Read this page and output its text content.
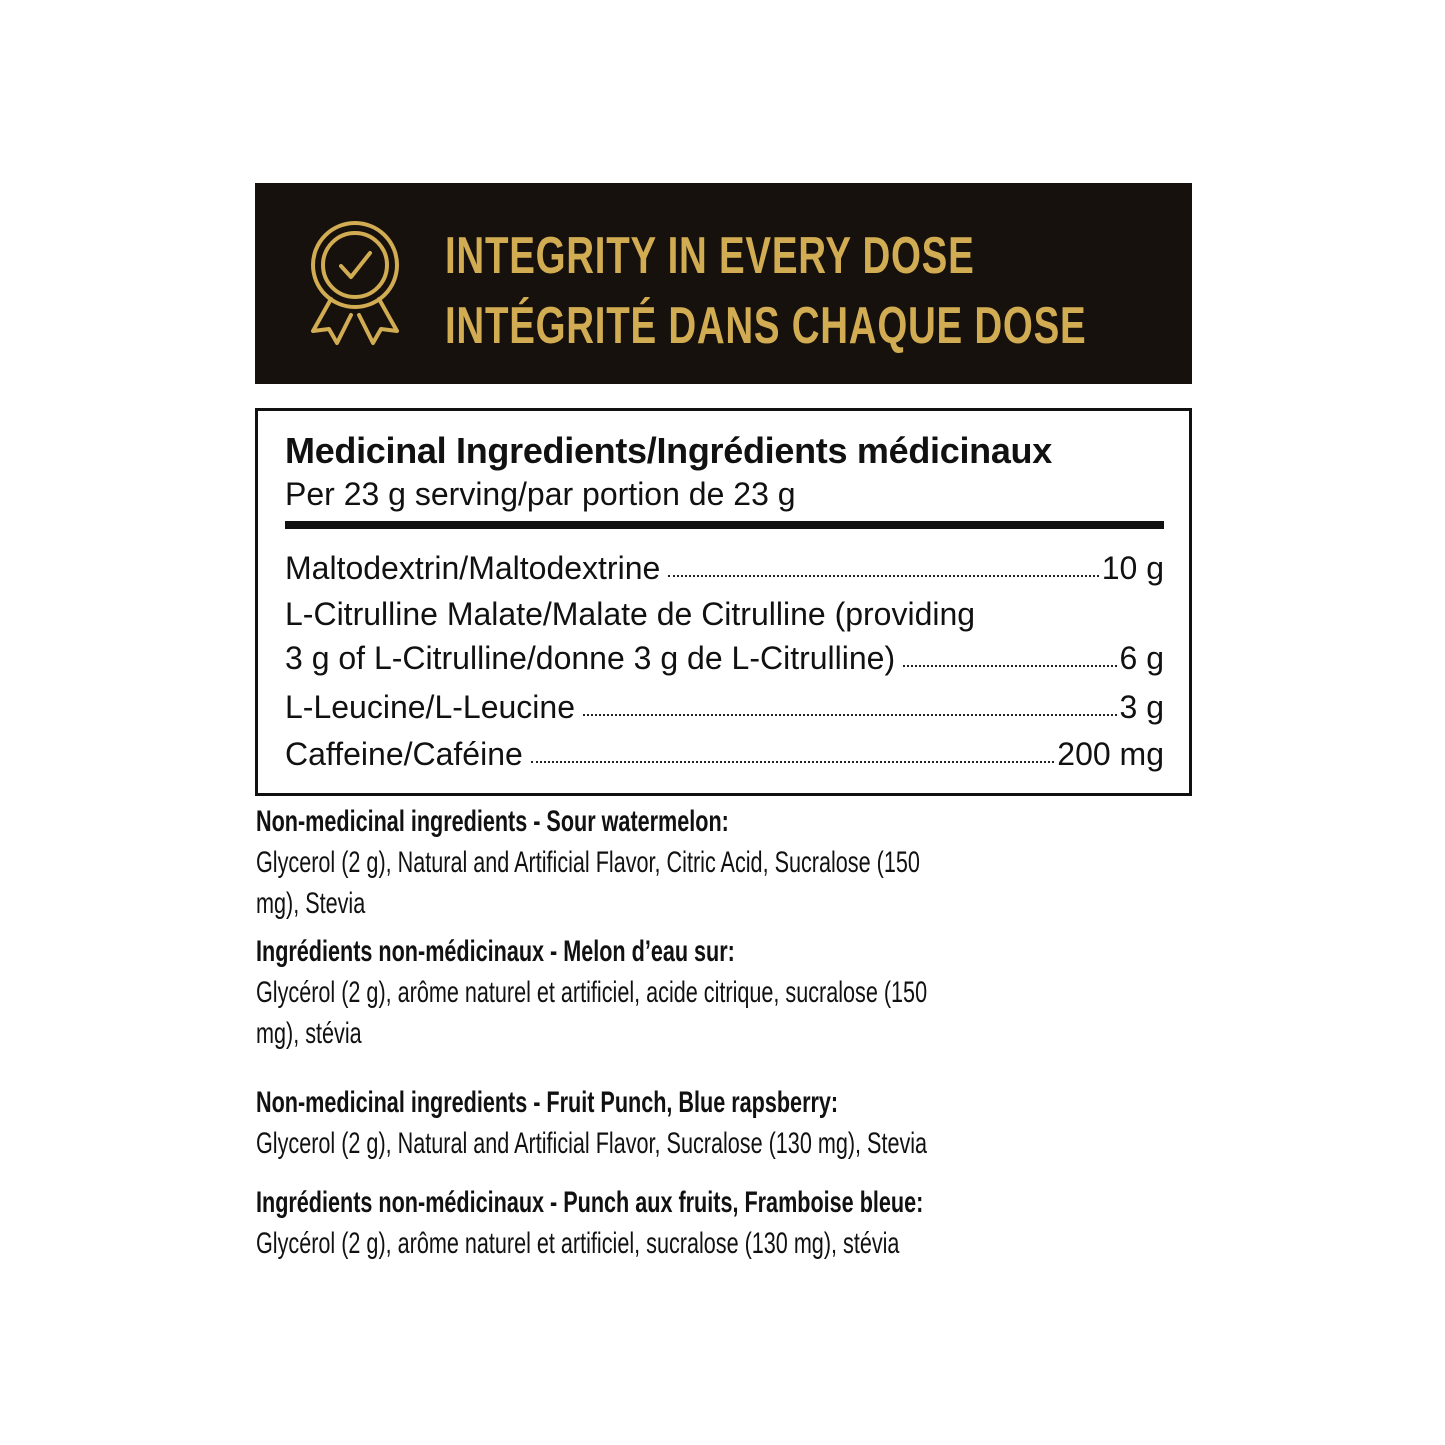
INTEGRITY IN EVERY DOSE
INTÉGRITÉ DANS CHAQUE DOSE
Medicinal Ingredients/Ingrédients médicinaux
Per 23 g serving/par portion de 23 g
Maltodextrin/Maltodextrine	10 g
L-Citrulline Malate/Malate de Citrulline (providing
3 g of L-Citrulline/donne 3 g de L-Citrulline)	6 g
L-Leucine/L-Leucine	3 g
Caffeine/Caféine	200 mg
Non-medicinal ingredients - Sour watermelon:
Glycerol (2 g), Natural and Artificial Flavor, Citric Acid, Sucralose (150
mg), Stevia
Ingrédients non-médicinaux - Melon d’eau sur:
Glycérol (2 g), arôme naturel et artificiel, acide citrique, sucralose (150
mg), stévia
Non-medicinal ingredients - Fruit Punch, Blue rapsberry:
Glycerol (2 g), Natural and Artificial Flavor, Sucralose (130 mg), Stevia
Ingrédients non-médicinaux - Punch aux fruits, Framboise bleue:
Glycérol (2 g), arôme naturel et artificiel, sucralose (130 mg), stévia
